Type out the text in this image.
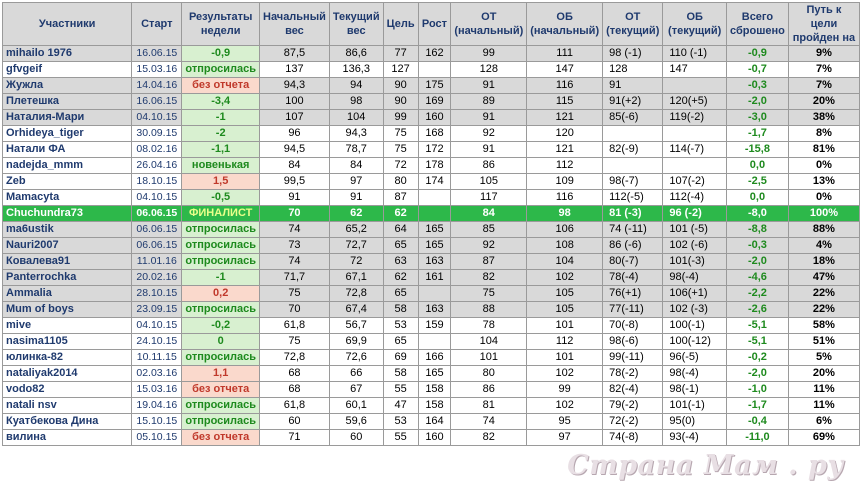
Участники	Старт	Результаты недели	Начальный вес	Текущий вес	Цель	Рост	ОТ (начальный)	ОБ (начальный)	ОТ (текущий)	ОБ (текущий)	Всего сброшено	Путь к цели пройден на
mihailo 1976	16.06.15	-0,9	87,5	86,6	77	162	99	111	98 (-1)	110 (-1)	-0,9	9%
gfvgeif	15.03.16	отпросилась	137	136,3	127		128	147	128	147	-0,7	7%
Жужла	14.04.16	без отчета	94,3	94	90	175	91	116	91		-0,3	7%
Плетешка	16.06.15	-3,4	100	98	90	169	89	115	91(+2)	120(+5)	-2,0	20%
Наталия-Мари	04.10.15	-1	107	104	99	160	91	121	85(-6)	119(-2)	-3,0	38%
Orhideya_tiger	30.09.15	-2	96	94,3	75	168	92	120			-1,7	8%
Натали ФА	08.02.16	-1,1	94,5	78,7	75	172	91	121	82(-9)	114(-7)	-15,8	81%
nadejda_mmm	26.04.16	новенькая	84	84	72	178	86	112			0,0	0%
Zeb	18.10.15	1,5	99,5	97	80	174	105	109	98(-7)	107(-2)	-2,5	13%
Mamacyta	04.10.15	-0,5	91	91	87		117	116	112(-5)	112(-4)	0,0	0%
Chuchundra73	06.06.15	ФИНАЛИСТ	70	62	62		84	98	81 (-3)	96 (-2)	-8,0	100%
ma6ustik	06.06.15	отпросилась	74	65,2	64	165	85	106	74 (-11)	101 (-5)	-8,8	88%
Nauri2007	06.06.15	отпросилась	73	72,7	65	165	92	108	86 (-6)	102 (-6)	-0,3	4%
Ковалева91	11.01.16	отпросилась	74	72	63	163	87	104	80(-7)	101(-3)	-2,0	18%
Panterrochka	20.02.16	-1	71,7	67,1	62	161	82	102	78(-4)	98(-4)	-4,6	47%
Ammalia	28.10.15	0,2	75	72,8	65		75	105	76(+1)	106(+1)	-2,2	22%
Mum of boys	23.09.15	отпросилась	70	67,4	58	163	88	105	77(-11)	102 (-3)	-2,6	22%
mive	04.10.15	-0,2	61,8	56,7	53	159	78	101	70(-8)	100(-1)	-5,1	58%
nasima1105	24.10.15	0	75	69,9	65		104	112	98(-6)	100(-12)	-5,1	51%
юлинка-82	10.11.15	отпросилась	72,8	72,6	69	166	101	101	99(-11)	96(-5)	-0,2	5%
nataliyak2014	02.03.16	1,1	68	66	58	165	80	102	78(-2)	98(-4)	-2,0	20%
vodo82	15.03.16	без отчета	68	67	55	158	86	99	82(-4)	98(-1)	-1,0	11%
natali nsv	19.04.16	отпросилась	61,8	60,1	47	158	81	102	79(-2)	101(-1)	-1,7	11%
Куатбекова Дина	15.10.15	отпросилась	60	59,6	53	164	74	95	72(-2)	95(0)	-0,4	6%
вилина	05.10.15	без отчета	71	60	55	160	82	97	74(-8)	93(-4)	-11,0	69%
Страна Мам . ру
